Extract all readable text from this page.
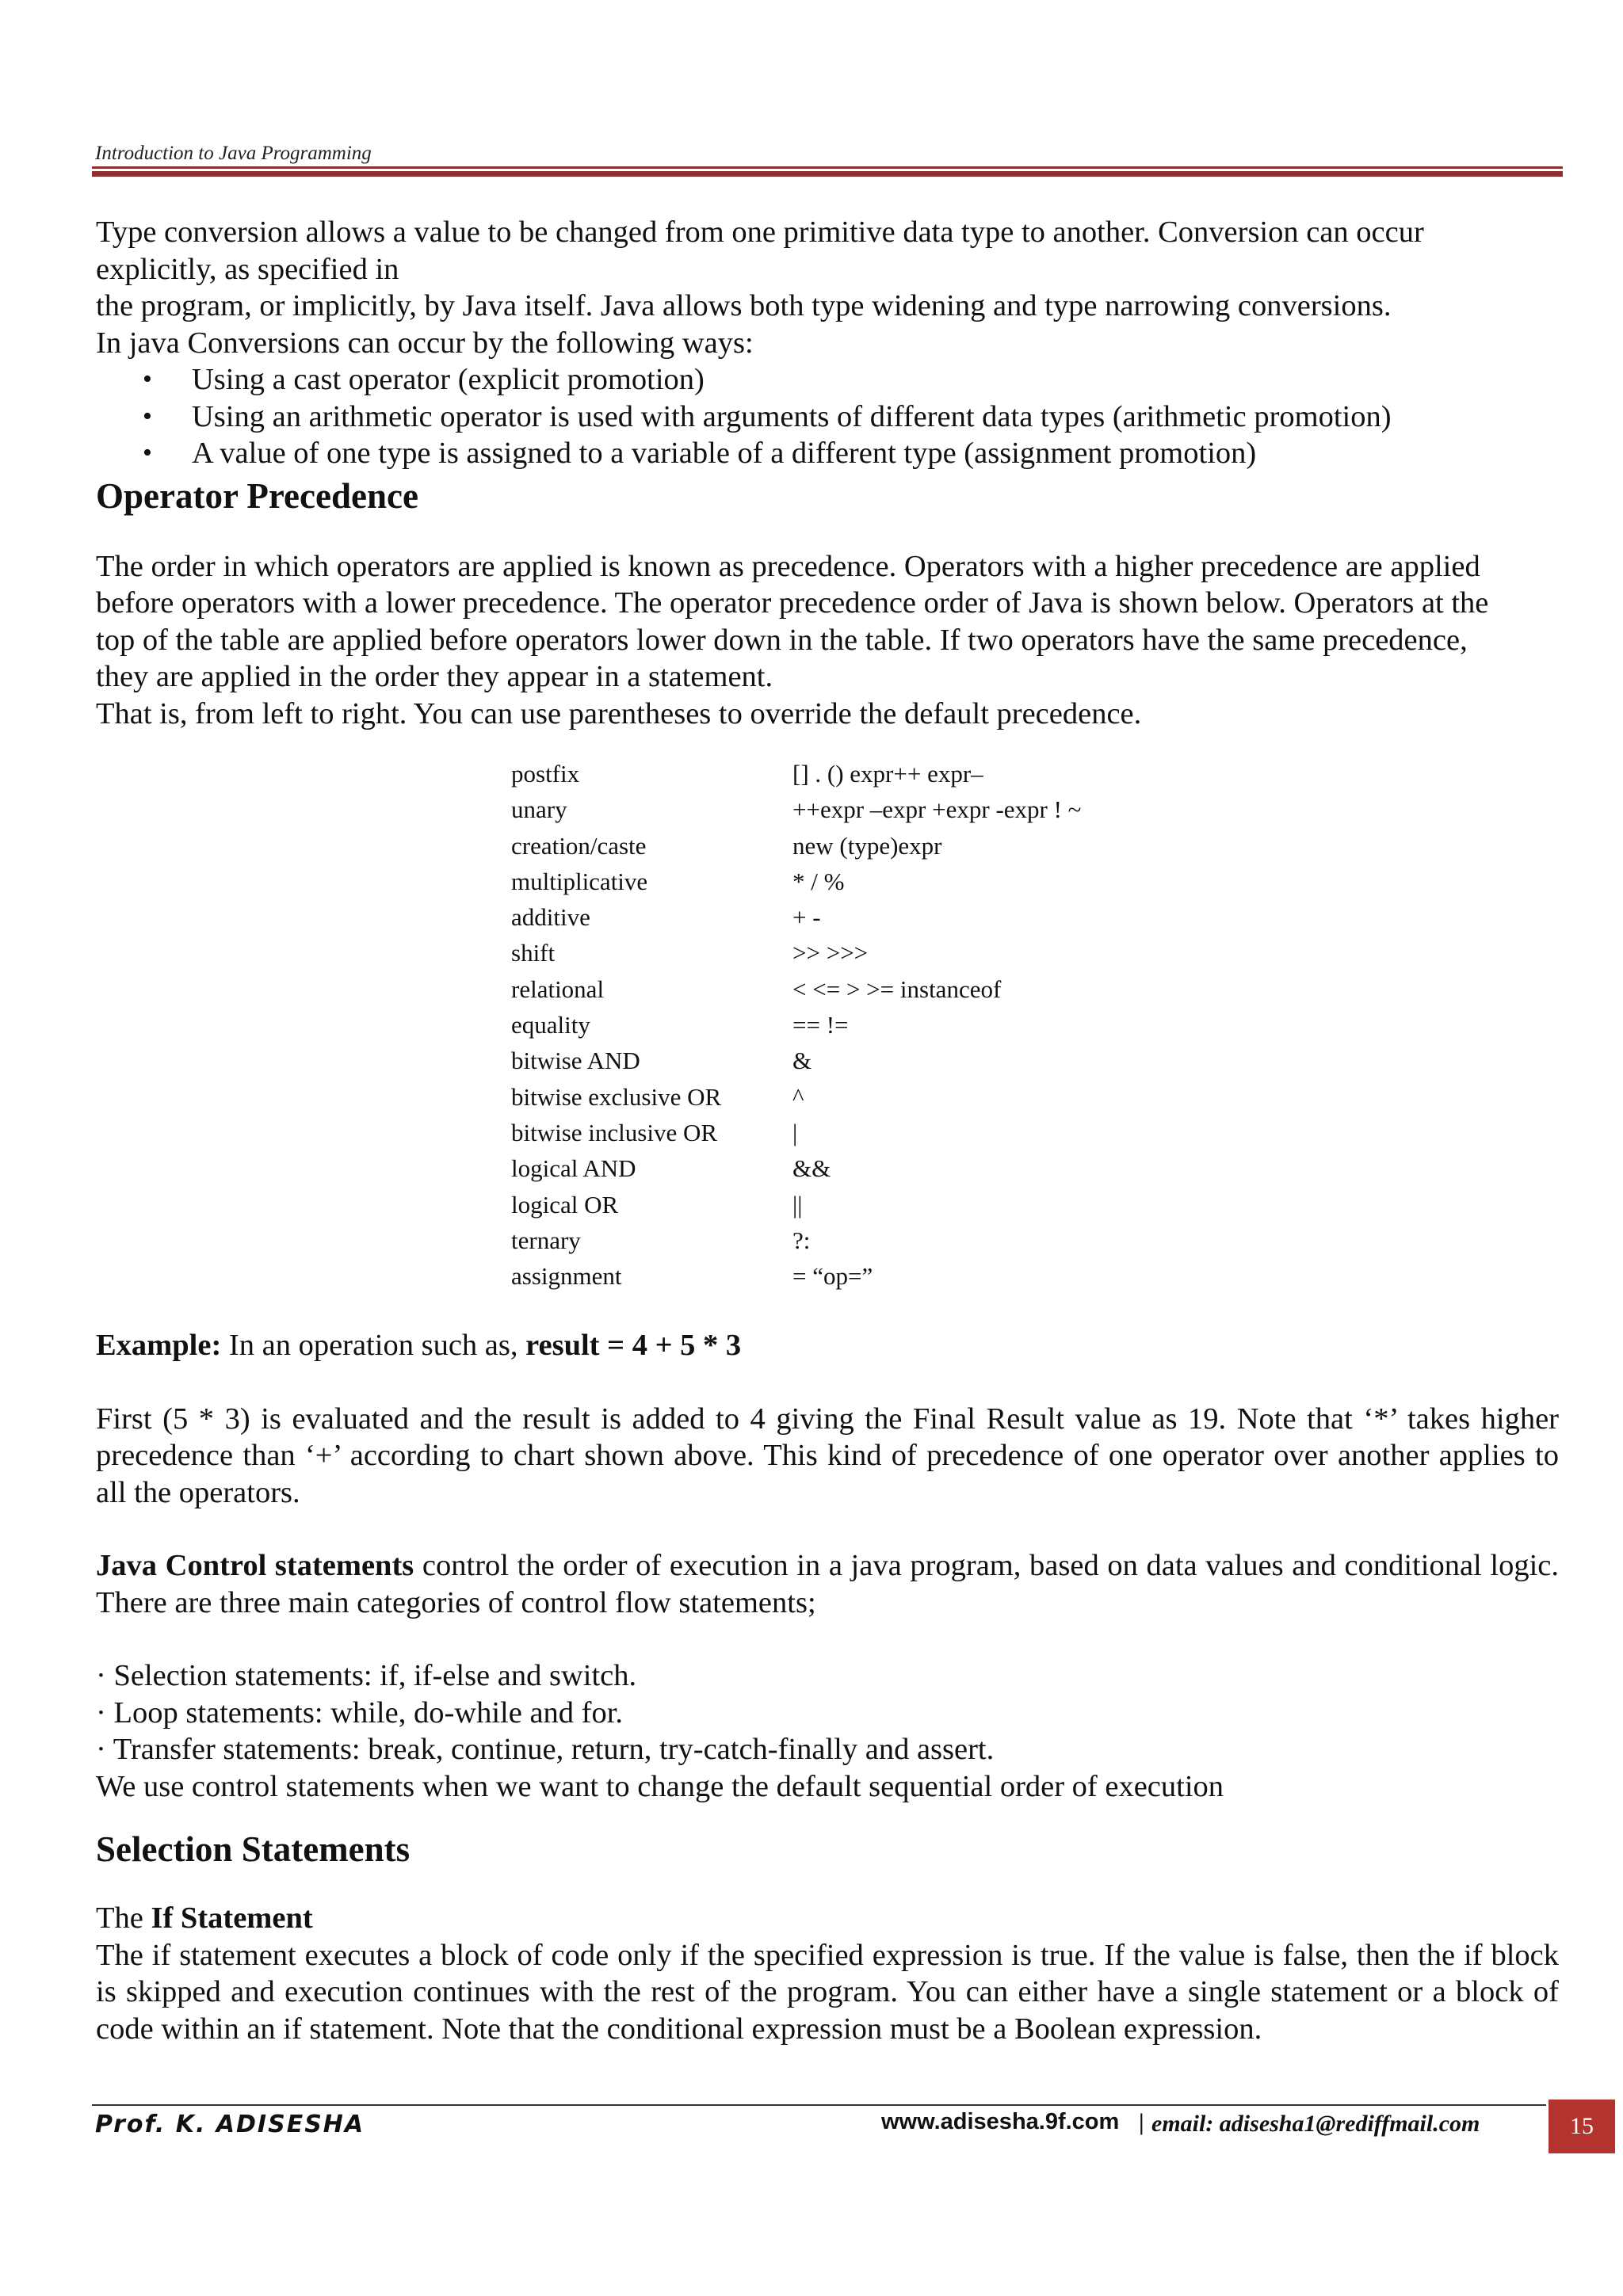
Introduction to Java Programming

Type conversion allows a value to be changed from one primitive data type to another. Conversion can occur

explicitly, as specified in

the program, or implicitly, by Java itself. Java allows both type widening and type narrowing conversions.

In java Conversions can occur by the following ways:

• Using a cast operator (explicit promotion)
• Using an arithmetic operator is used with arguments of different data types (arithmetic promotion)
• A value of one type is assigned to a variable of a different type (assignment promotion)
Operator Precedence

The order in which operators are applied is known as precedence. Operators with a higher precedence are applied

before operators with a lower precedence. The operator precedence order of Java is shown below. Operators at the

top of the table are applied before operators lower down in the table. If two operators have the same precedence,

they are applied in the order they appear in a statement.

That is, from left to right. You can use parentheses to override the default precedence.

postfix	[] . () expr++ expr–
unary	++expr –expr +expr -expr ! ~
creation/caste	new (type)expr
multiplicative	* / %
additive	+ -
shift	>> >>>
relational	< <= > >= instanceof
equality	== !=
bitwise AND	&
bitwise exclusive OR	^
bitwise inclusive OR	|
logical AND	&&
logical OR	||
ternary	?:
assignment	= “op=”

Example: In an operation such as, result = 4 + 5 * 3

First (5 * 3) is evaluated and the result is added to 4 giving the Final Result value as 19. Note that ‘*’ takes higher precedence than ‘+’ according to chart shown above. This kind of precedence of one operator over another applies to all the operators.

Java Control statements control the order of execution in a java program, based on data values and conditional logic. There are three main categories of control flow statements;

· Selection statements: if, if-else and switch.

· Loop statements: while, do-while and for.

· Transfer statements: break, continue, return, try-catch-finally and assert.

We use control statements when we want to change the default sequential order of execution

Selection Statements

The If Statement

The if statement executes a block of code only if the specified expression is true. If the value is false, then the if block is skipped and execution continues with the rest of the program. You can either have a single statement or a block of code within an if statement. Note that the conditional expression must be a Boolean expression.

Prof. K. ADISESHA	www.adisesha.9f.com | email: adisesha1@rediffmail.com	15
